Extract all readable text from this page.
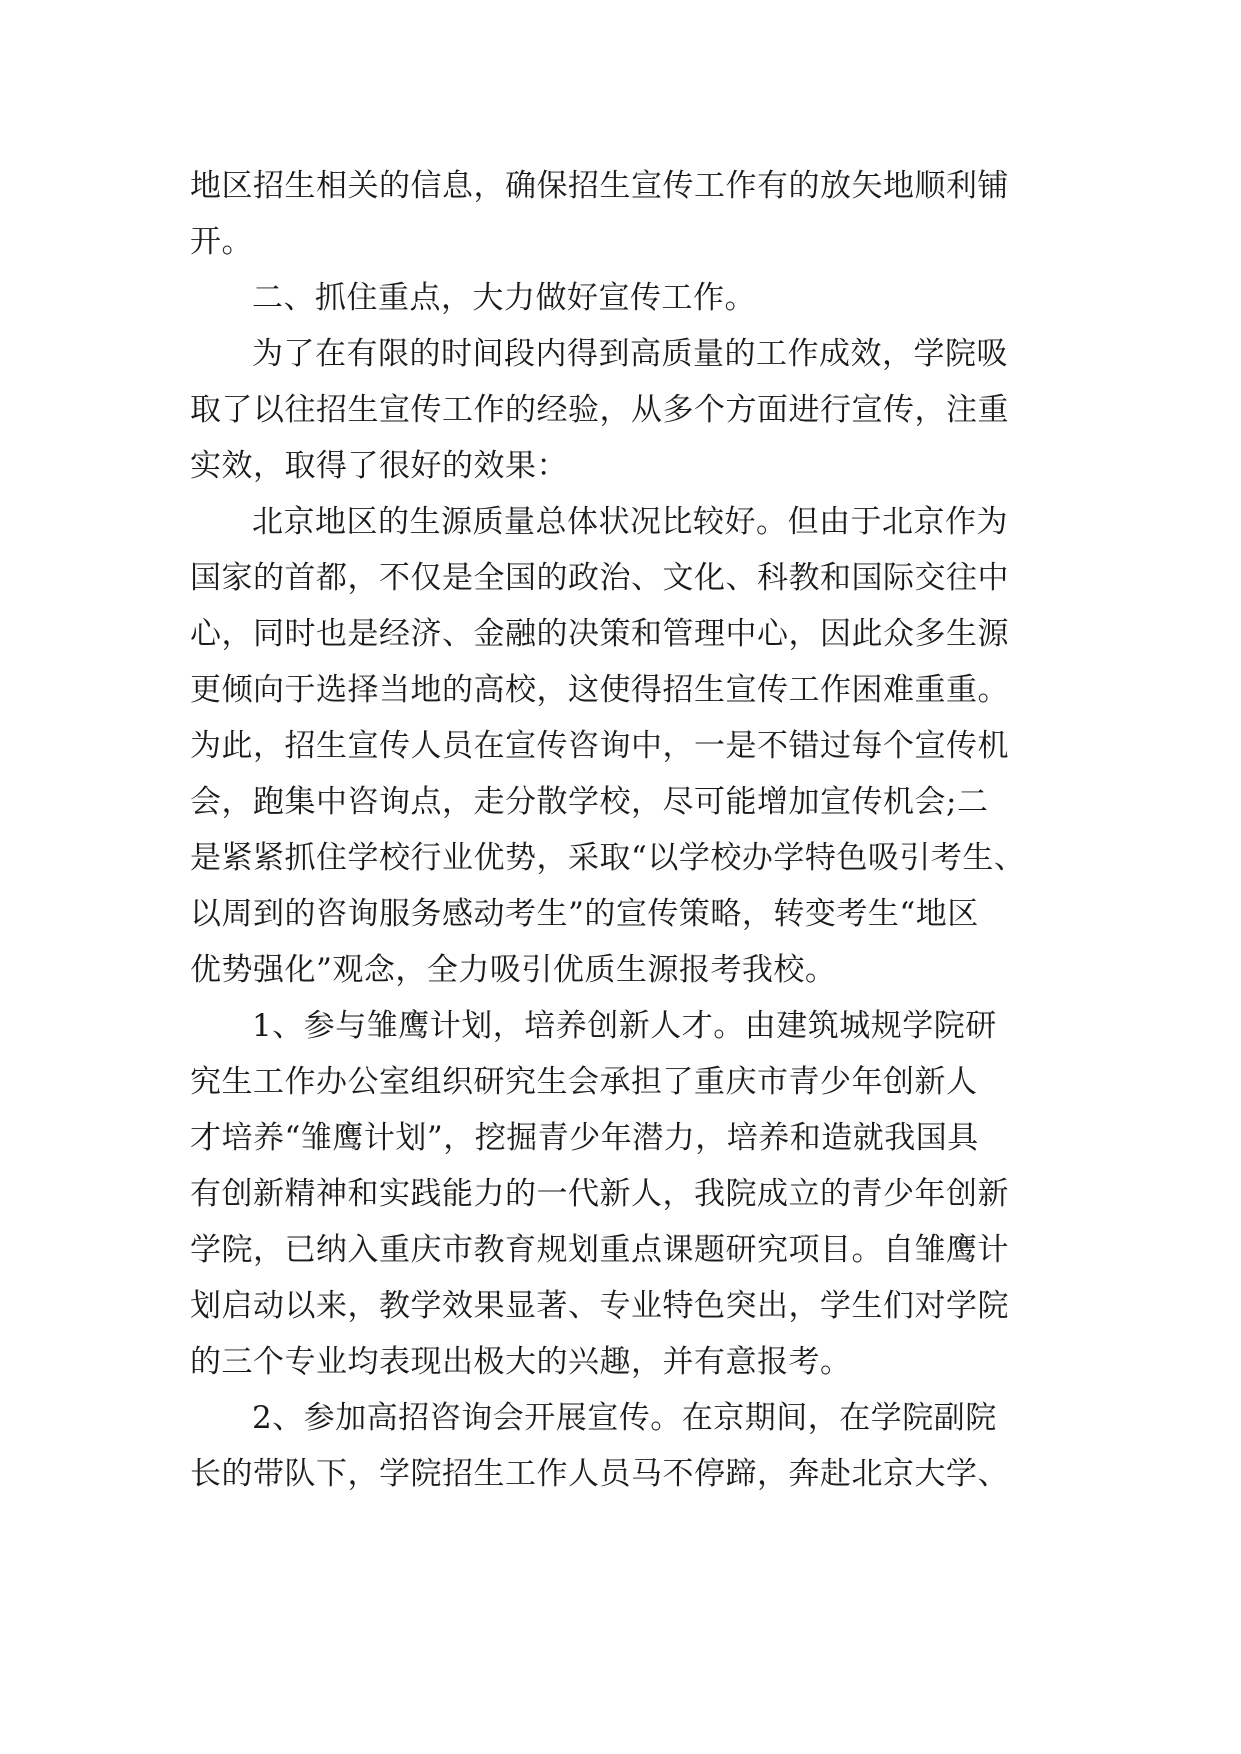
地区招生相关的信息，确保招生宣传工作有的放矢地顺利铺
开。
二、抓住重点，大力做好宣传工作。
为了在有限的时间段内得到高质量的工作成效，学院吸
取了以往招生宣传工作的经验，从多个方面进行宣传，注重
实效，取得了很好的效果：
北京地区的生源质量总体状况比较好。但由于北京作为
国家的首都，不仅是全国的政治、文化、科教和国际交往中
心，同时也是经济、金融的决策和管理中心，因此众多生源
更倾向于选择当地的高校，这使得招生宣传工作困难重重。
为此，招生宣传人员在宣传咨询中，一是不错过每个宣传机
会，跑集中咨询点，走分散学校，尽可能增加宣传机会;二
是紧紧抓住学校行业优势，采取“以学校办学特色吸引考生、
以周到的咨询服务感动考生”的宣传策略，转变考生“地区
优势强化”观念，全力吸引优质生源报考我校。
1、参与雏鹰计划，培养创新人才。由建筑城规学院研
究生工作办公室组织研究生会承担了重庆市青少年创新人
才培养“雏鹰计划”，挖掘青少年潜力，培养和造就我国具
有创新精神和实践能力的一代新人，我院成立的青少年创新
学院，已纳入重庆市教育规划重点课题研究项目。自雏鹰计
划启动以来，教学效果显著、专业特色突出，学生们对学院
的三个专业均表现出极大的兴趣，并有意报考。
2、参加高招咨询会开展宣传。在京期间，在学院副院
长的带队下，学院招生工作人员马不停蹄，奔赴北京大学、
